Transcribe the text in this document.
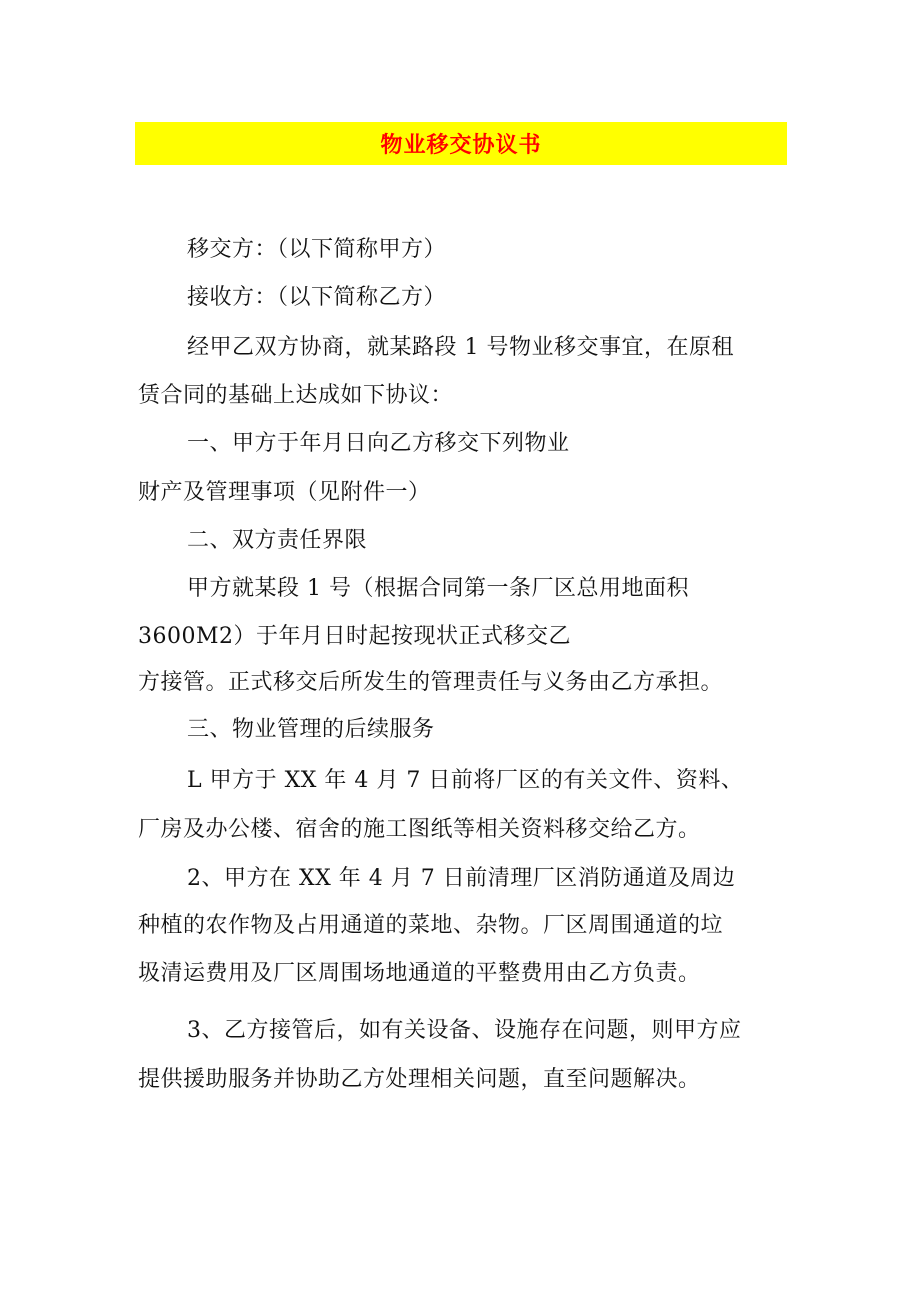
物业移交协议书
移交方：（以下简称甲方）
接收方：（以下简称乙方）
经甲乙双方协商，就某路段 1 号物业移交事宜，在原租
赁合同的基础上达成如下协议：
一、甲方于年月日向乙方移交下列物业
财产及管理事项（见附件一）
二、双方责任界限
甲方就某段 1 号（根据合同第一条厂区总用地面积
3600M2）于年月日时起按现状正式移交乙
方接管。正式移交后所发生的管理责任与义务由乙方承担。
三、物业管理的后续服务
L 甲方于 XX 年 4 月 7 日前将厂区的有关文件、资料、
厂房及办公楼、宿舍的施工图纸等相关资料移交给乙方。
2、甲方在 XX 年 4 月 7 日前清理厂区消防通道及周边
种植的农作物及占用通道的菜地、杂物。厂区周围通道的垃
圾清运费用及厂区周围场地通道的平整费用由乙方负责。
3、乙方接管后，如有关设备、设施存在问题，则甲方应
提供援助服务并协助乙方处理相关问题，直至问题解决。
